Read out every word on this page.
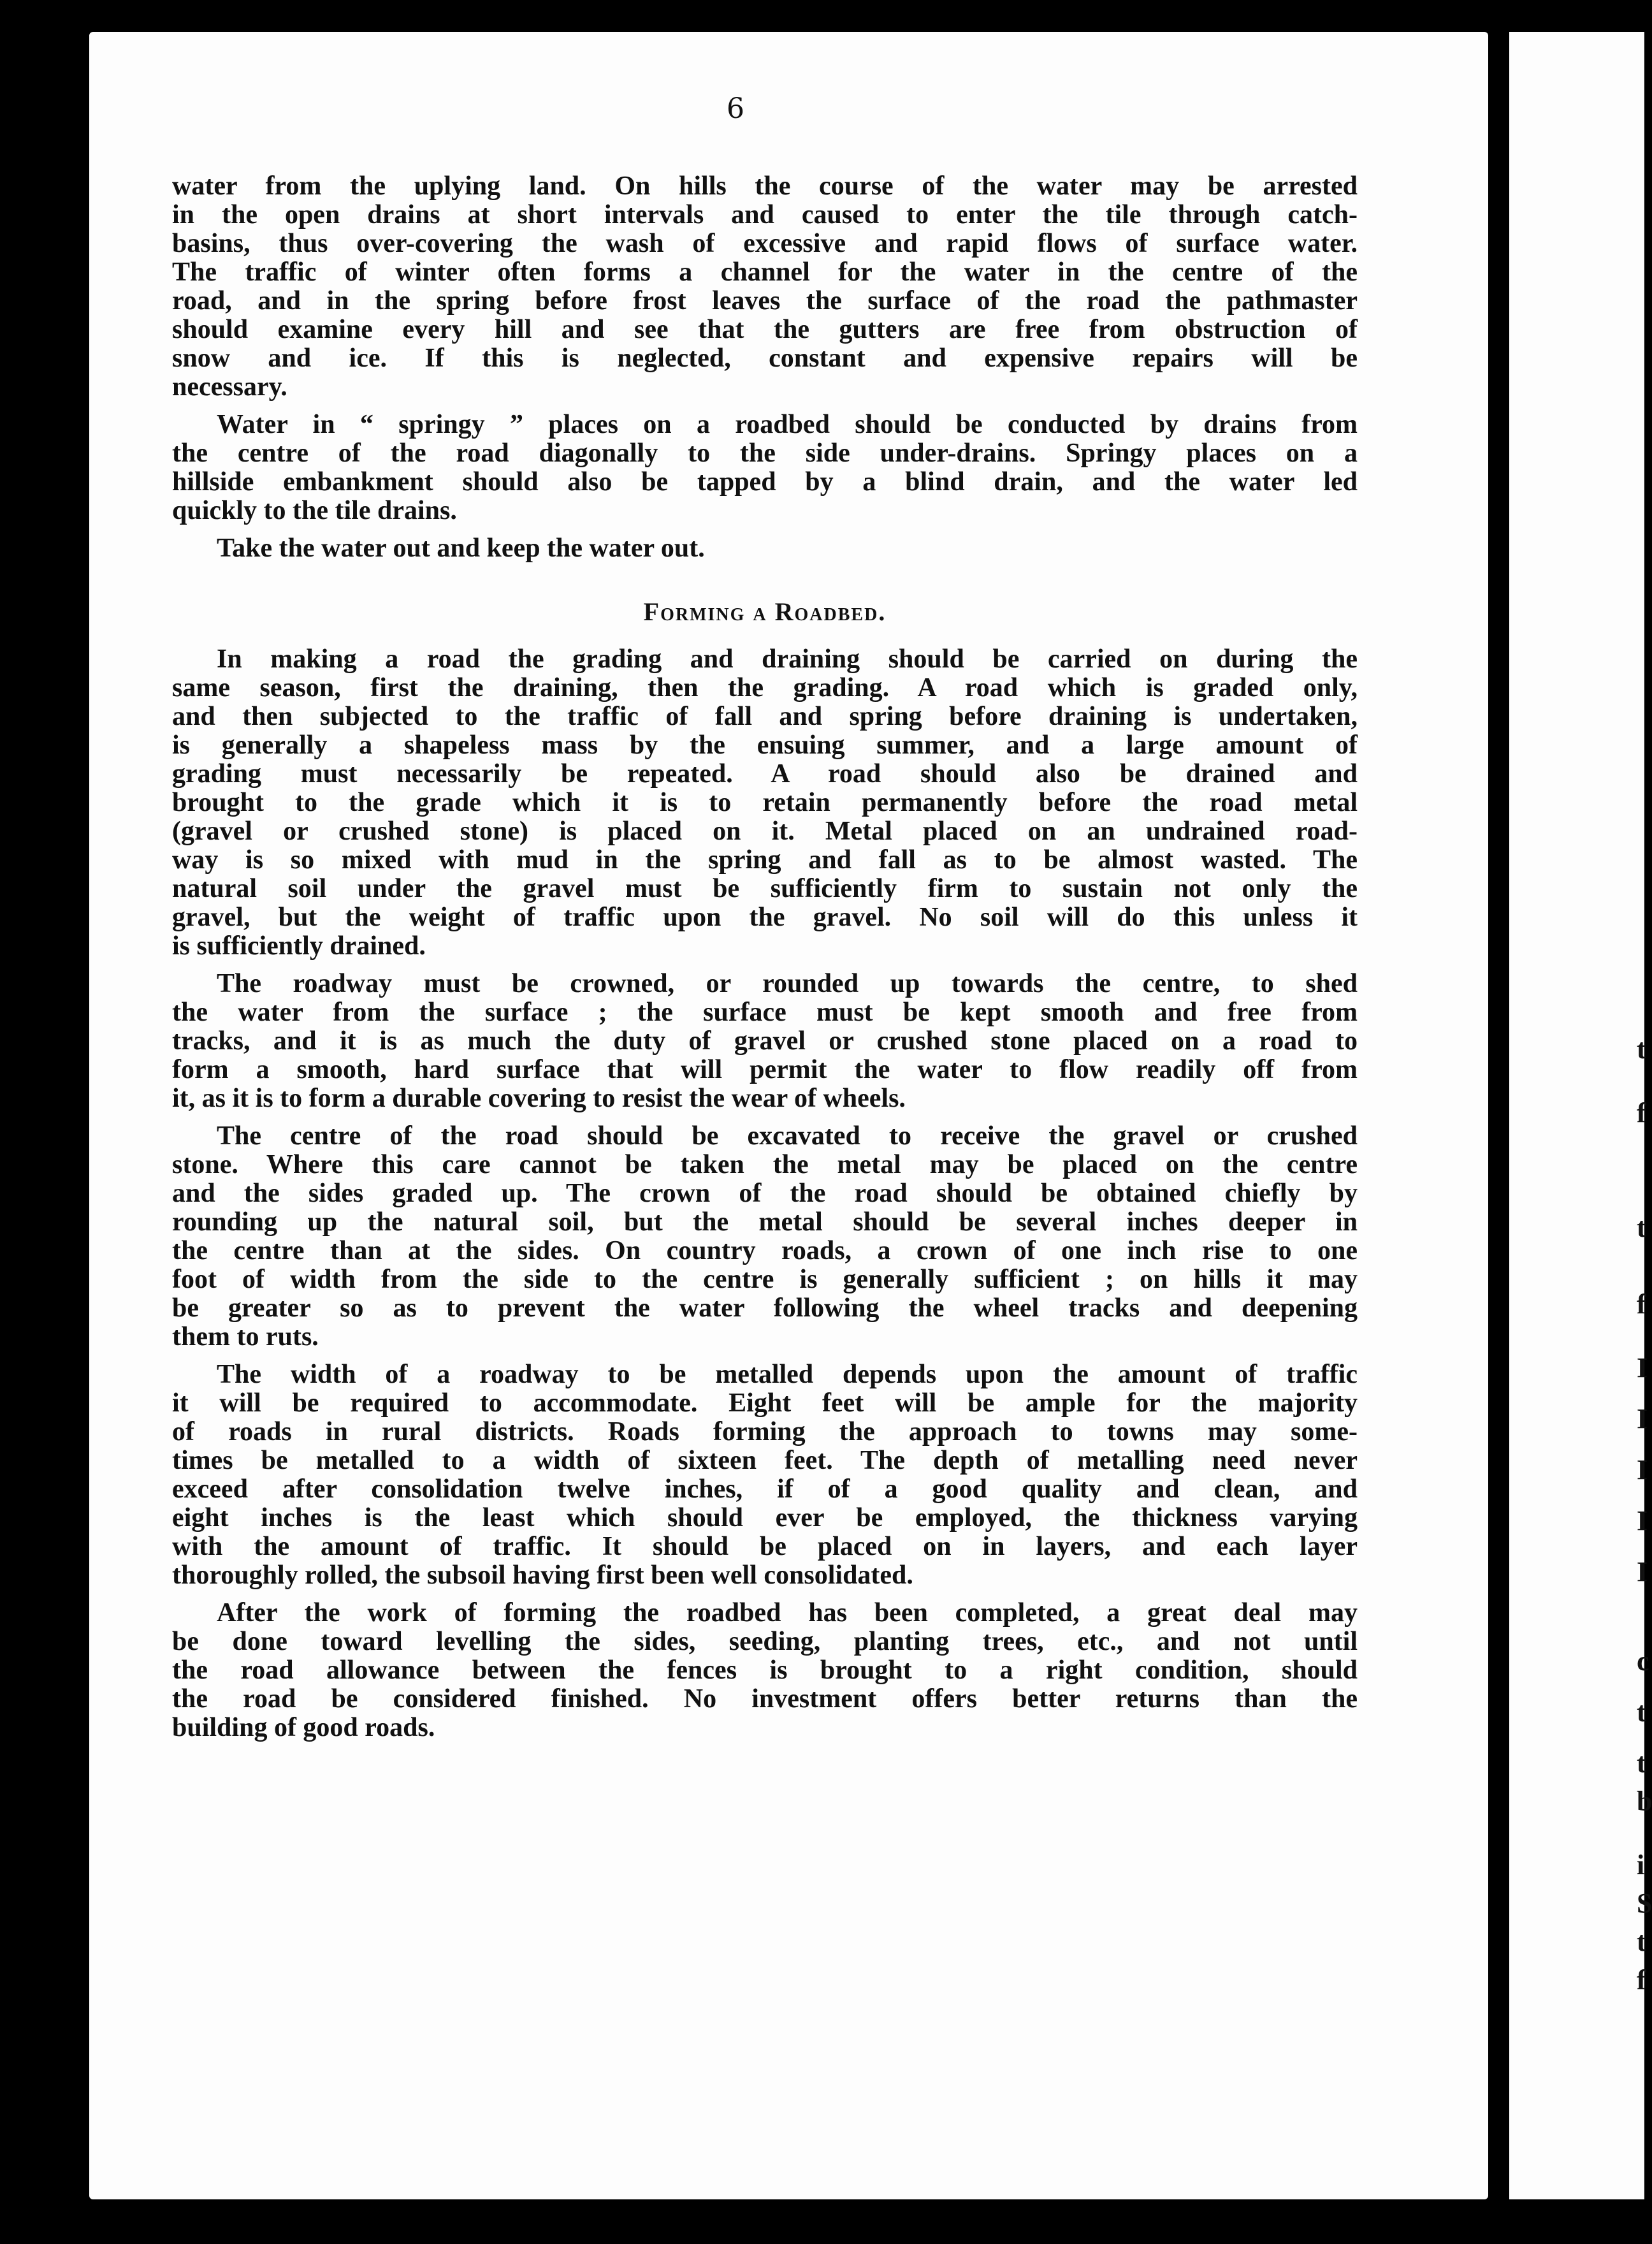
6
water from the uplying land. On hills the course of the water may be arrested
in the open drains at short intervals and caused to enter the tile through catch-
basins, thus over-covering the wash of excessive and rapid flows of surface water.
The traffic of winter often forms a channel for the water in the centre of the
road, and in the spring before frost leaves the surface of the road the pathmaster
should examine every hill and see that the gutters are free from obstruction of
snow and ice. If this is neglected, constant and expensive repairs will be
necessary.
Water in “ springy ” places on a roadbed should be conducted by drains from
the centre of the road diagonally to the side under-drains. Springy places on a
hillside embankment should also be tapped by a blind drain, and the water led
quickly to the tile drains.
Take the water out and keep the water out.
Forming a Roadbed.
In making a road the grading and draining should be carried on during the
same season, first the draining, then the grading. A road which is graded only,
and then subjected to the traffic of fall and spring before draining is undertaken,
is generally a shapeless mass by the ensuing summer, and a large amount of
grading must necessarily be repeated. A road should also be drained and
brought to the grade which it is to retain permanently before the road metal
(gravel or crushed stone) is placed on it. Metal placed on an undrained road-
way is so mixed with mud in the spring and fall as to be almost wasted. The
natural soil under the gravel must be sufficiently firm to sustain not only the
gravel, but the weight of traffic upon the gravel. No soil will do this unless it
is sufficiently drained.
The roadway must be crowned, or rounded up towards the centre, to shed
the water from the surface ; the surface must be kept smooth and free from
tracks, and it is as much the duty of gravel or crushed stone placed on a road to
form a smooth, hard surface that will permit the water to flow readily off from
it, as it is to form a durable covering to resist the wear of wheels.
The centre of the road should be excavated to receive the gravel or crushed
stone. Where this care cannot be taken the metal may be placed on the centre
and the sides graded up. The crown of the road should be obtained chiefly by
rounding up the natural soil, but the metal should be several inches deeper in
the centre than at the sides. On country roads, a crown of one inch rise to one
foot of width from the side to the centre is generally sufficient ; on hills it may
be greater so as to prevent the water following the wheel tracks and deepening
them to ruts.
The width of a roadway to be metalled depends upon the amount of traffic
it will be required to accommodate. Eight feet will be ample for the majority
of roads in rural districts. Roads forming the approach to towns may some-
times be metalled to a width of sixteen feet. The depth of metalling need never
exceed after consolidation twelve inches, if of a good quality and clean, and
eight inches is the least which should ever be employed, the thickness varying
with the amount of traffic. It should be placed on in layers, and each layer
thoroughly rolled, the subsoil having first been well consolidated.
After the work of forming the roadbed has been completed, a great deal may
be done toward levelling the sides, seeding, planting trees, etc., and not until
the road allowance between the fences is brought to a right condition, should
the road be considered finished. No investment offers better returns than the
building of good roads.
t
f
t
f
I
I
I
I
I
c
t
t
b
i
S
t
f
